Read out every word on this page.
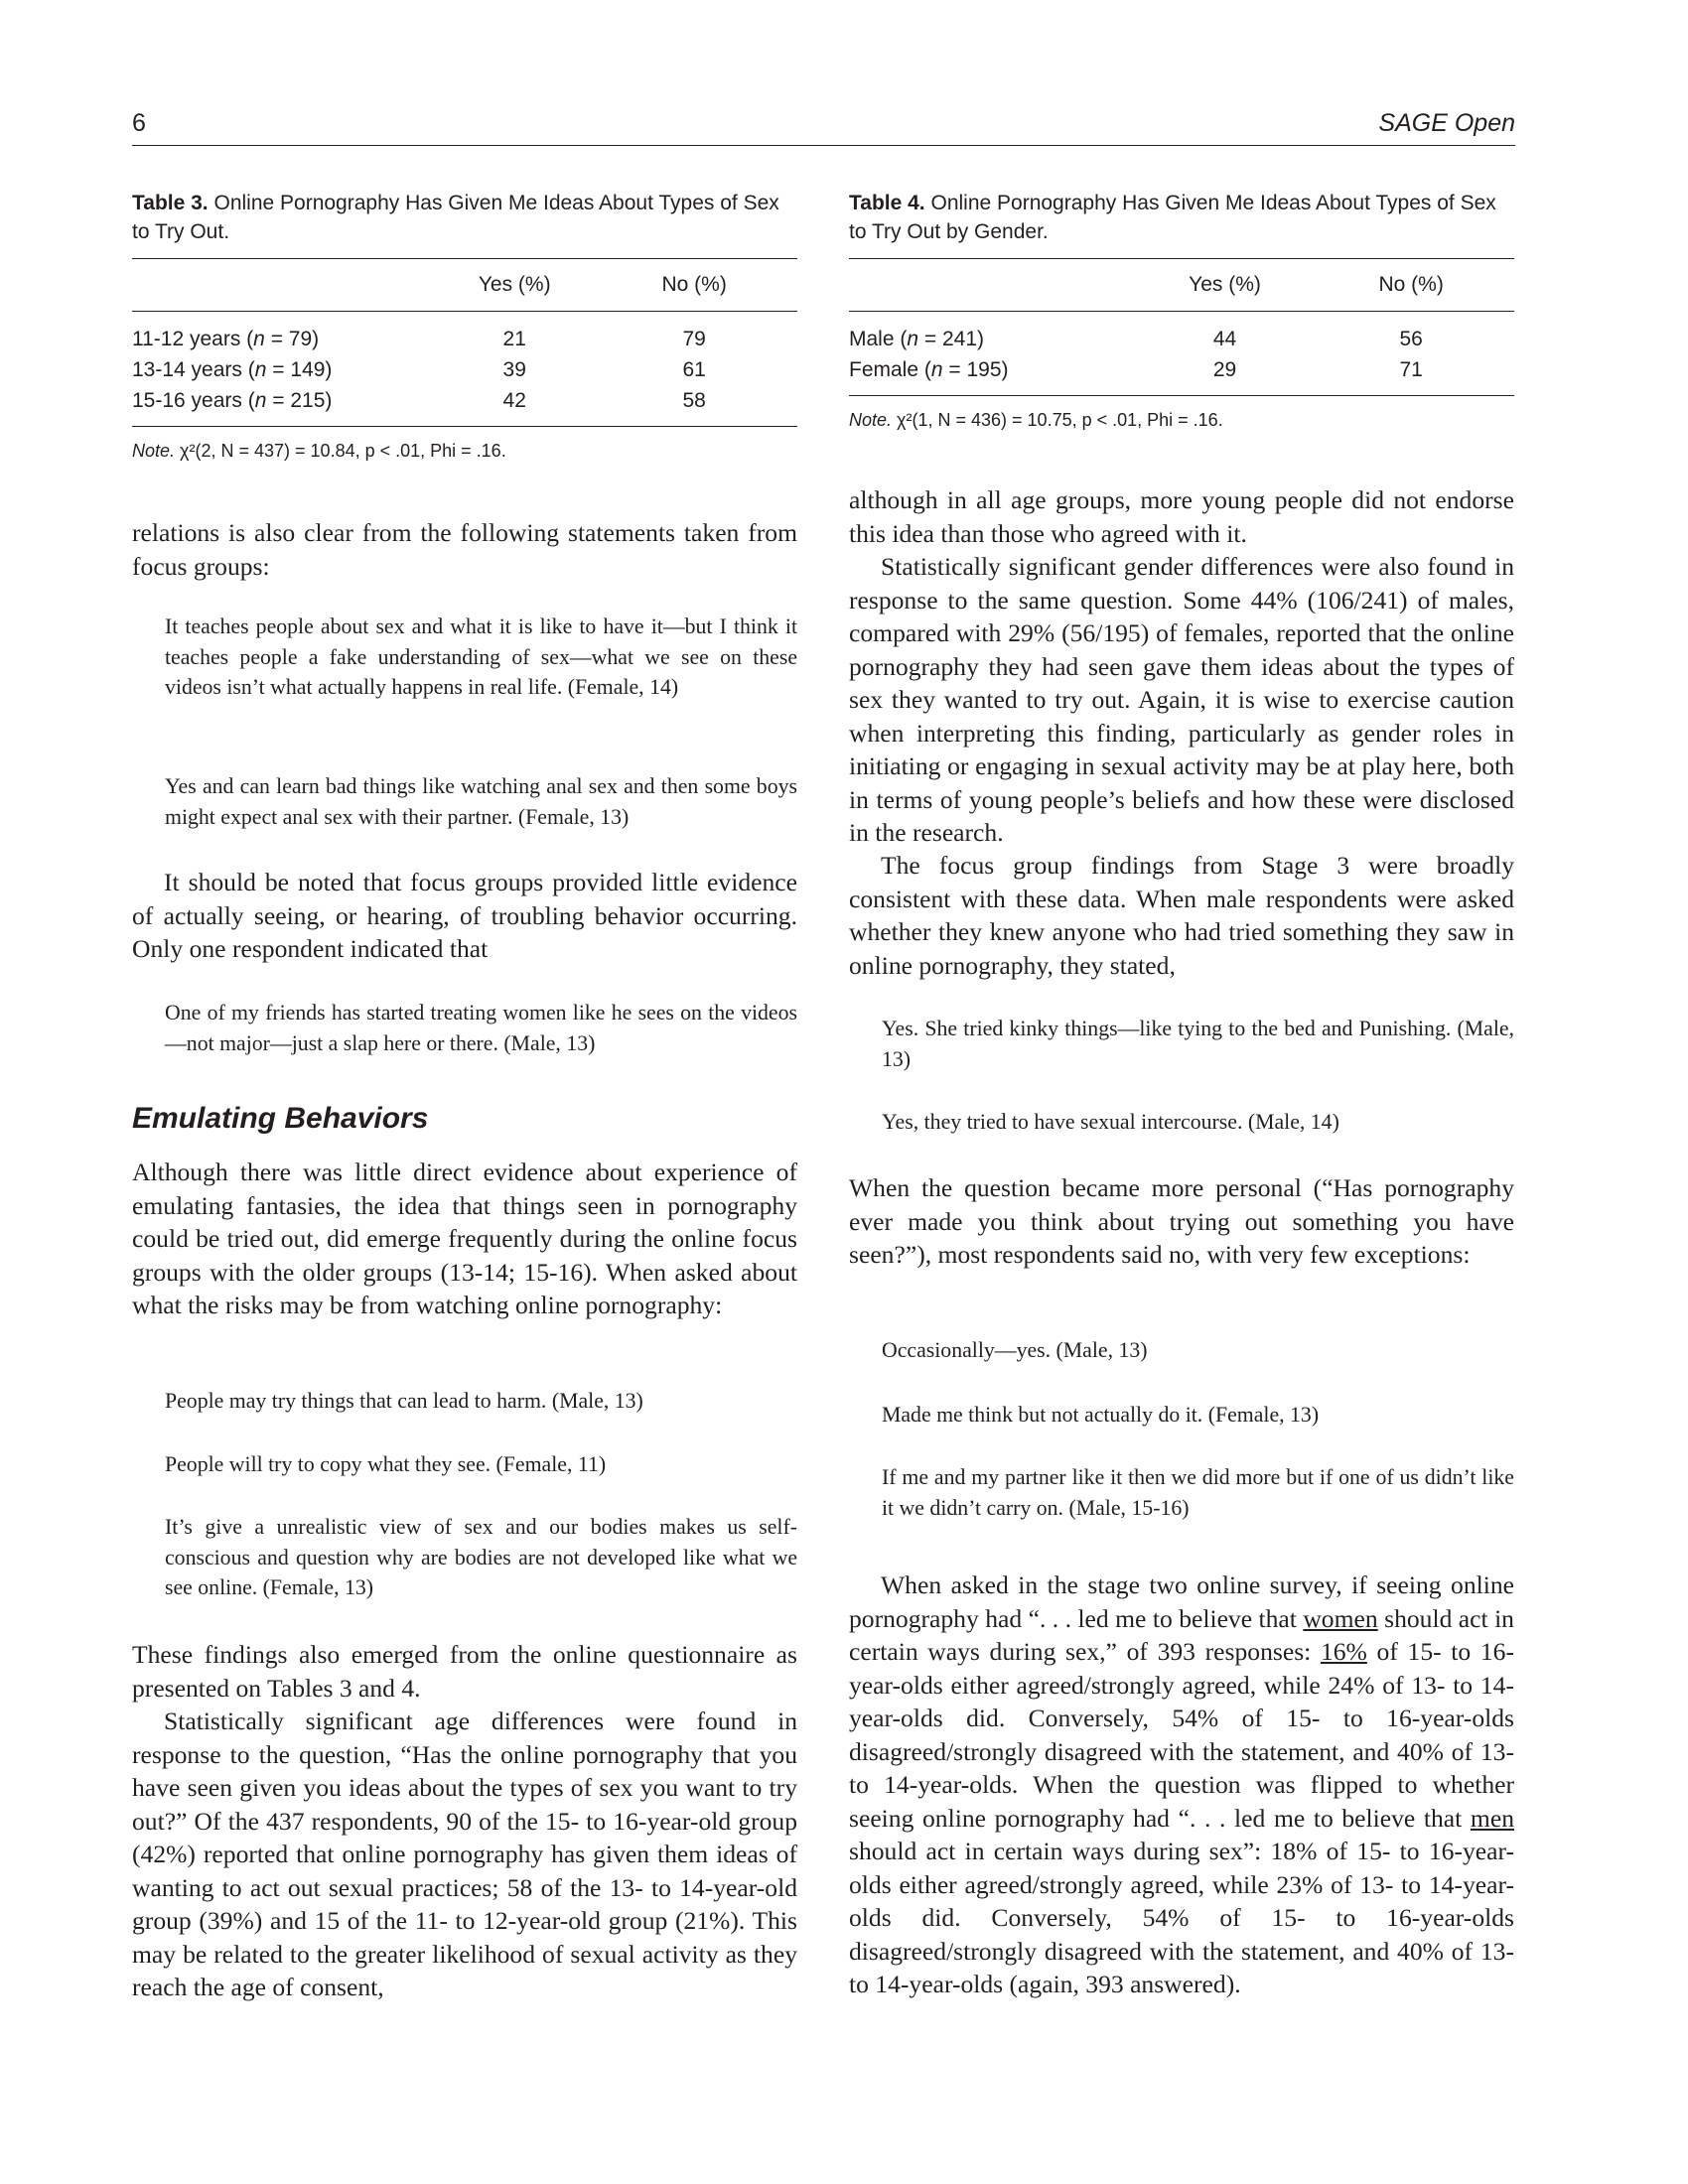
6	SAGE Open

Table 3. Online Pornography Has Given Me Ideas About Types of Sex to Try Out.

	Yes (%)	No (%)
11-12 years (n = 79)	21	79
13-14 years (n = 149)	39	61
15-16 years (n = 215)	42	58
Note. χ²(2, N = 437) = 10.84, p < .01, Phi = .16.

relations is also clear from the following statements taken from focus groups:

It teaches people about sex and what it is like to have it—but I think it teaches people a fake understanding of sex—what we see on these videos isn’t what actually happens in real life. (Female, 14)

Yes and can learn bad things like watching anal sex and then some boys might expect anal sex with their partner. (Female, 13)

It should be noted that focus groups provided little evidence of actually seeing, or hearing, of troubling behavior occurring. Only one respondent indicated that

One of my friends has started treating women like he sees on the videos—not major—just a slap here or there. (Male, 13)

Emulating Behaviors

Although there was little direct evidence about experience of emulating fantasies, the idea that things seen in pornography could be tried out, did emerge frequently during the online focus groups with the older groups (13-14; 15-16). When asked about what the risks may be from watching online pornography:

People may try things that can lead to harm. (Male, 13)

People will try to copy what they see. (Female, 11)

It’s give a unrealistic view of sex and our bodies makes us self-conscious and question why are bodies are not developed like what we see online. (Female, 13)

These findings also emerged from the online questionnaire as presented on Tables 3 and 4.

Statistically significant age differences were found in response to the question, “Has the online pornography that you have seen given you ideas about the types of sex you want to try out?” Of the 437 respondents, 90 of the 15- to 16-year-old group (42%) reported that online pornography has given them ideas of wanting to act out sexual practices; 58 of the 13- to 14-year-old group (39%) and 15 of the 11- to 12-year-old group (21%). This may be related to the greater likelihood of sexual activity as they reach the age of consent,

Table 4. Online Pornography Has Given Me Ideas About Types of Sex to Try Out by Gender.

	Yes (%)	No (%)
Male (n = 241)	44	56
Female (n = 195)	29	71
Note. χ²(1, N = 436) = 10.75, p < .01, Phi = .16.

although in all age groups, more young people did not endorse this idea than those who agreed with it.

Statistically significant gender differences were also found in response to the same question. Some 44% (106/241) of males, compared with 29% (56/195) of females, reported that the online pornography they had seen gave them ideas about the types of sex they wanted to try out. Again, it is wise to exercise caution when interpreting this finding, particularly as gender roles in initiating or engaging in sexual activity may be at play here, both in terms of young people’s beliefs and how these were disclosed in the research.

The focus group findings from Stage 3 were broadly consistent with these data. When male respondents were asked whether they knew anyone who had tried something they saw in online pornography, they stated,

Yes. She tried kinky things—like tying to the bed and Punishing. (Male, 13)

Yes, they tried to have sexual intercourse. (Male, 14)

When the question became more personal (“Has pornography ever made you think about trying out something you have seen?”), most respondents said no, with very few exceptions:

Occasionally—yes. (Male, 13)

Made me think but not actually do it. (Female, 13)

If me and my partner like it then we did more but if one of us didn’t like it we didn’t carry on. (Male, 15-16)

When asked in the stage two online survey, if seeing online pornography had “. . . led me to believe that women should act in certain ways during sex,” of 393 responses: 16% of 15- to 16-year-olds either agreed/strongly agreed, while 24% of 13- to 14-year-olds did. Conversely, 54% of 15- to 16-year-olds disagreed/strongly disagreed with the statement, and 40% of 13- to 14-year-olds. When the question was flipped to whether seeing online pornography had “. . . led me to believe that men should act in certain ways during sex”: 18% of 15- to 16-year-olds either agreed/strongly agreed, while 23% of 13- to 14-year-olds did. Conversely, 54% of 15- to 16-year-olds disagreed/strongly disagreed with the statement, and 40% of 13- to 14-year-olds (again, 393 answered).
